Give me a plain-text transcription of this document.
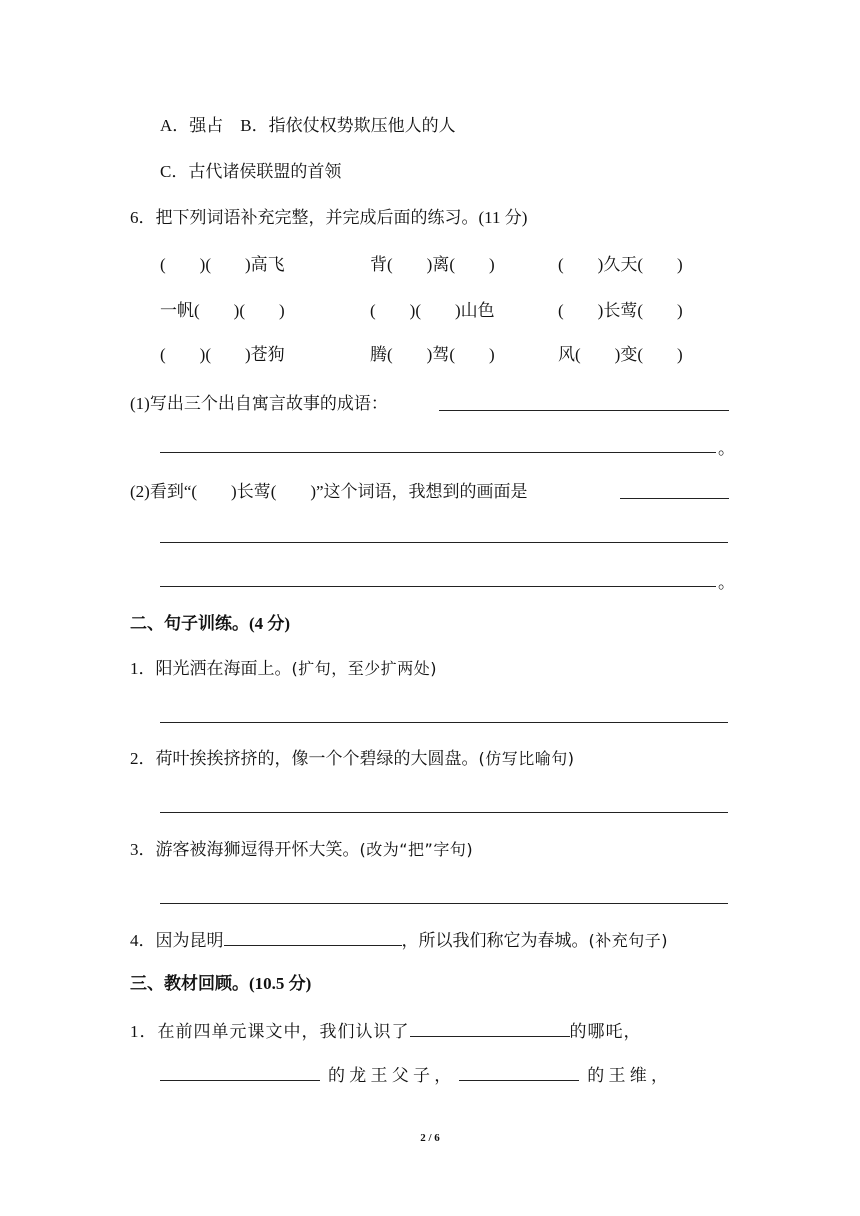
A．强占　B．指依仗权势欺压他人的人
C．古代诸侯联盟的首领
6．把下列词语补充完整，并完成后面的练习。(11 分)
(　　)(　　)高飞	背(　　)离(　　)	(　　)久天(　　)
一帆(　　)(　　)	(　　)(　　)山色	(　　)长莺(　　)
(　　)(　　)苍狗	腾(　　)驾(　　)	风(　　)变(　　)
(1)写出三个出自寓言故事的成语：
。
(2)看到“(　　)长莺(　　)”这个词语，我想到的画面是
。
二、句子训练。(4 分)
1．阳光洒在海面上。(扩句，至少扩两处)
2．荷叶挨挨挤挤的，像一个个碧绿的大圆盘。(仿写比喻句)
3．游客被海狮逗得开怀大笑。(改为“把”字句)
4．因为昆明	，所以我们称它为春城。(补充句子)
三、教材回顾。(10.5 分)
1．在前四单元课文中，我们认识了	的哪吒，
的 龙 王 父 子 ，	的 王 维 ，
2 / 6
